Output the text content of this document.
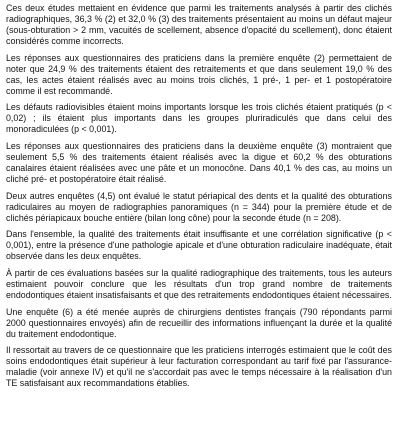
Ces deux études mettaient en évidence que parmi les traitements analysés à partir des clichés radiographiques, 36,3 % (2) et 32,0 % (3) des traitements présentaient au moins un défaut majeur (sous-obturation > 2 mm, vacuités de scellement, absence d'opacité du scellement), donc étaient considérés comme incorrects.

Les réponses aux questionnaires des praticiens dans la première enquête (2) permettaient de noter que 24,9 % des traitements étaient des retraitements et que dans seulement 19,0 % des cas, les actes étaient réalisés avec au moins trois clichés, 1 pré-, 1 per- et 1 postopératoire comme il est recommandé.

Les défauts radiovisibles étaient moins importants lorsque les trois clichés étaient pratiqués (p < 0,02) ; ils étaient plus importants dans les groupes pluriradiculés que dans celui des monoradiculées (p < 0,001).

Les réponses aux questionnaires des praticiens dans la deuxième enquête (3) montraient que seulement 5,5 % des traitements étaient réalisés avec la digue et 60,2 % des obturations canalaires étaient réalisées avec une pâte et un monocône. Dans 40,1 % des cas, au moins un cliché pré- et postopératoire était réalisé.

Deux autres enquêtes (4,5) ont évalué le statut périapical des dents et la qualité des obturations radiculaires au moyen de radiographies panoramiques (n = 344) pour la première étude et de clichés périapicaux bouche entière (bilan long cône) pour la seconde étude (n = 208).

Dans l'ensemble, la qualité des traitements était insuffisante et une corrélation significative (p < 0,001), entre la présence d'une pathologie apicale et d'une obturation radiculaire inadéquate, était observée dans les deux enquêtes.

À partir de ces évaluations basées sur la qualité radiographique des traitements, tous les auteurs estimaient pouvoir conclure que les résultats d'un trop grand nombre de traitements endodontiques étaient insatisfaisants et que des retraitements endodontiques étaient nécessaires.

Une enquête (6) a été menée auprès de chirurgiens dentistes français (790 répondants parmi 2000 questionnaires envoyés) afin de recueillir des informations influençant la durée et la qualité du traitement endodontique.

Il ressortait au travers de ce questionnaire que les praticiens interrogés estimaient que le coût des soins endodontiques était supérieur à leur facturation correspondant au tarif fixé par l'assurance-maladie (voir annexe IV) et qu'il ne s'accordait pas avec le temps nécessaire à la réalisation d'un TE satisfaisant aux recommandations établies.
